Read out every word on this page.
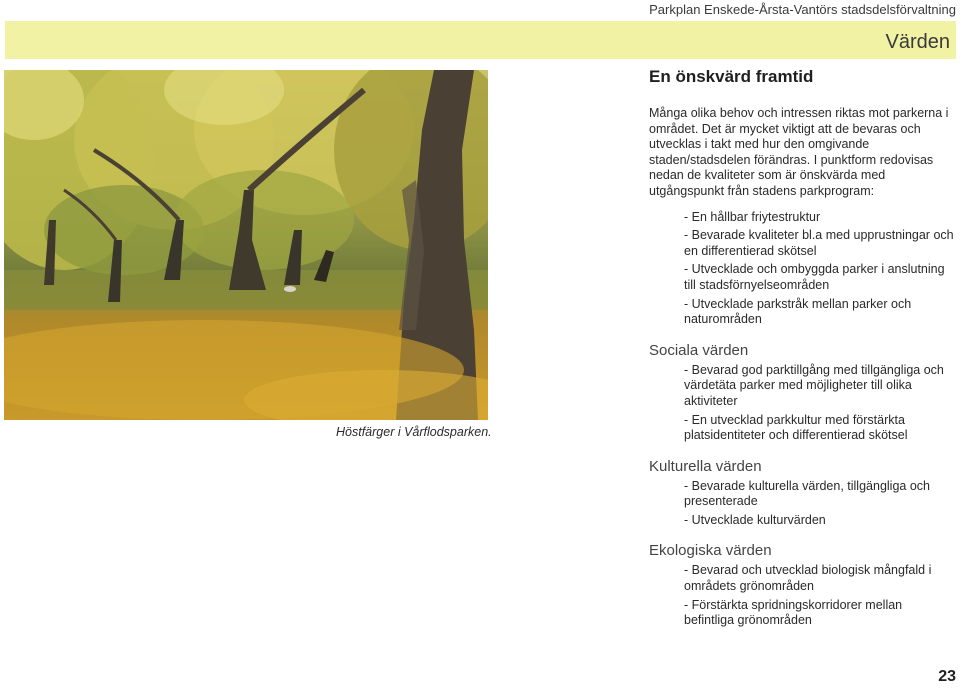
Parkplan Enskede-Årsta-Vantörs stadsdelsförvaltning
Värden
Höstfärger i Vårflodsparken.
En önskvärd framtid

Många olika behov och intressen riktas mot parkerna i området. Det är mycket viktigt att de bevaras och utvecklas i takt med hur den omgivande staden/stadsdelen förändras. I punktform redovisas nedan de kvaliteter som är önskvärda med utgångspunkt från stadens parkprogram:

- En hållbar friytestruktur
- Bevarade kvaliteter bl.a med upprustningar och en differentierad skötsel
- Utvecklade och ombyggda parker i anslutning till stadsförnyelseområden
- Utvecklade parkstråk mellan parker och naturområden
Sociala värden
- Bevarad god parktillgång med tillgängliga och värdetäta parker med möjligheter till olika aktiviteter
- En utvecklad parkkultur med förstärkta platsidentiteter och differentierad skötsel
Kulturella värden
- Bevarade kulturella värden, tillgängliga och presenterade
- Utvecklade kulturvärden
Ekologiska värden
- Bevarad och utvecklad biologisk mångfald i områdets grönområden
- Förstärkta spridningskorridorer mellan befintliga grönområden
23
